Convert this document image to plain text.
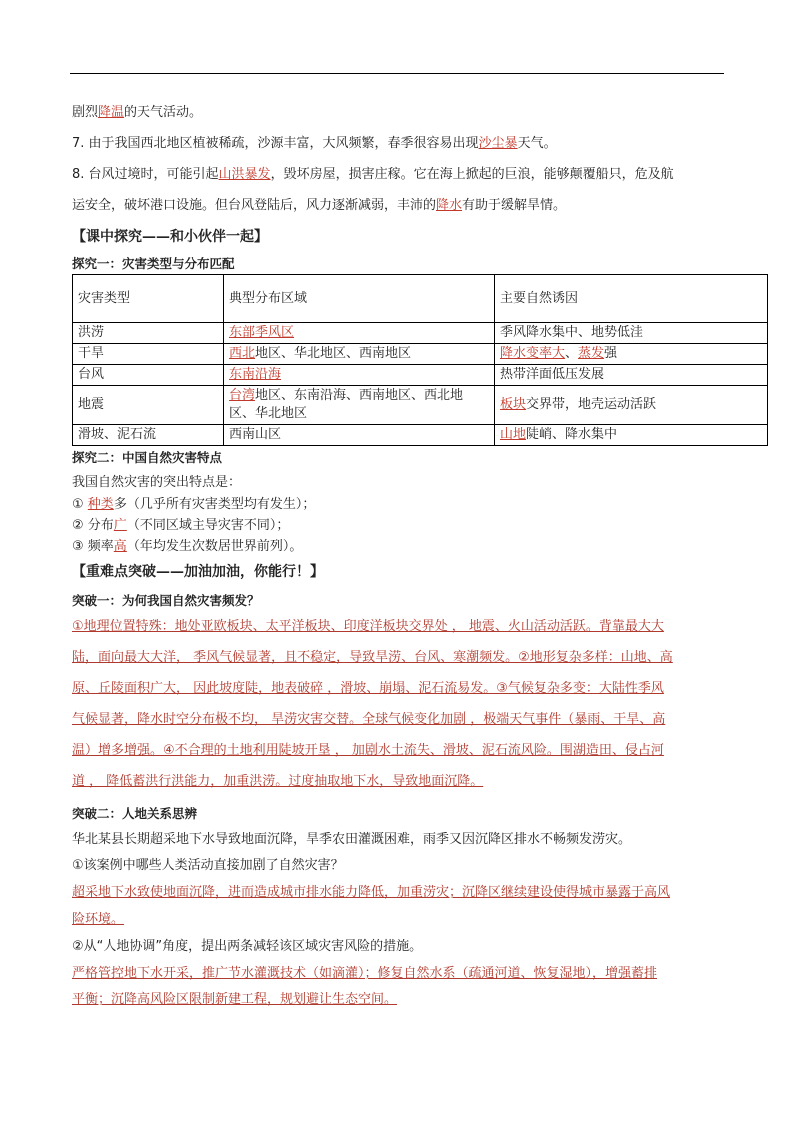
剧烈降温的天气活动。
7. 由于我国西北地区植被稀疏，沙源丰富，大风频繁，春季很容易出现沙尘暴天气。
8. 台风过境时，可能引起山洪暴发，毁坏房屋，损害庄稼。它在海上掀起的巨浪，能够颠覆船只，危及航
运安全，破坏港口设施。但台风登陆后，风力逐渐减弱，丰沛的降水有助于缓解旱情。
【课中探究——和小伙伴一起】
探究一：灾害类型与分布匹配
灾害类型	典型分布区域	主要自然诱因
洪涝	东部季风区	季风降水集中、地势低洼
干旱	西北地区、华北地区、西南地区	降水变率大、蒸发强
台风	东南沿海	热带洋面低压发展
地震	台湾地区、东南沿海、西南地区、西北地区、华北地区	板块交界带，地壳运动活跃
滑坡、泥石流	西南山区	山地陡峭、降水集中
探究二：中国自然灾害特点
我国自然灾害的突出特点是：
① 种类多（几乎所有灾害类型均有发生）；
② 分布广（不同区域主导灾害不同）；
③ 频率高（年均发生次数居世界前列）。
【重难点突破——加油加油，你能行！】
突破一：为何我国自然灾害频发？
①地理位置特殊：地处亚欧板块、太平洋板块、印度洋板块交界处 ， 地震、火山活动活跃。背靠最大大
陆，面向最大大洋， 季风气候显著，且不稳定，导致旱涝、台风、寒潮频发。②地形复杂多样：山地、高
原、丘陵面积广大， 因此坡度陡，地表破碎 ，滑坡、崩塌、泥石流易发。③气候复杂多变：大陆性季风
气候显著，降水时空分布极不均， 旱涝灾害交替。全球气候变化加剧 ，极端天气事件（暴雨、干旱、高
温）增多增强。④不合理的土地利用陡坡开垦 ， 加剧水土流失、滑坡、泥石流风险。围湖造田、侵占河
道 ， 降低蓄洪行洪能力，加重洪涝。过度抽取地下水，导致地面沉降。
突破二：人地关系思辨
华北某县长期超采地下水导致地面沉降，旱季农田灌溉困难，雨季又因沉降区排水不畅频发涝灾。
①该案例中哪些人类活动直接加剧了自然灾害？
超采地下水致使地面沉降，进而造成城市排水能力降低，加重涝灾；沉降区继续建设使得城市暴露于高风
险环境。
②从“人地协调”角度，提出两条减轻该区域灾害风险的措施。
严格管控地下水开采，推广节水灌溉技术（如滴灌）；修复自然水系（疏通河道、恢复湿地），增强蓄排
平衡；沉降高风险区限制新建工程，规划避让生态空间。
